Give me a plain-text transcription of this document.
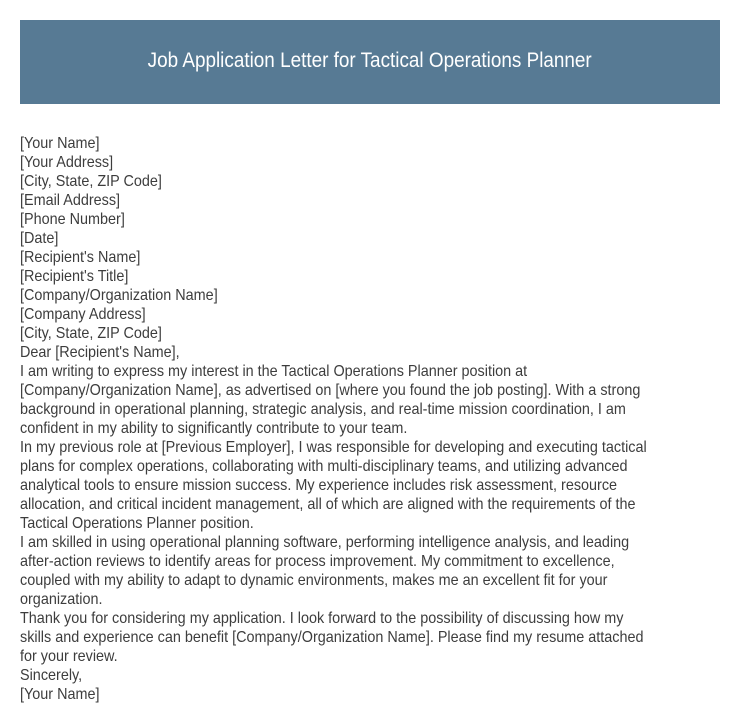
Job Application Letter for Tactical Operations Planner
[Your Name]
[Your Address]
[City, State, ZIP Code]
[Email Address]
[Phone Number]
[Date]
[Recipient's Name]
[Recipient's Title]
[Company/Organization Name]
[Company Address]
[City, State, ZIP Code]
Dear [Recipient's Name],
I am writing to express my interest in the Tactical Operations Planner position at
[Company/Organization Name], as advertised on [where you found the job posting]. With a strong
background in operational planning, strategic analysis, and real-time mission coordination, I am
confident in my ability to significantly contribute to your team.
In my previous role at [Previous Employer], I was responsible for developing and executing tactical
plans for complex operations, collaborating with multi-disciplinary teams, and utilizing advanced
analytical tools to ensure mission success. My experience includes risk assessment, resource
allocation, and critical incident management, all of which are aligned with the requirements of the
Tactical Operations Planner position.
I am skilled in using operational planning software, performing intelligence analysis, and leading
after-action reviews to identify areas for process improvement. My commitment to excellence,
coupled with my ability to adapt to dynamic environments, makes me an excellent fit for your
organization.
Thank you for considering my application. I look forward to the possibility of discussing how my
skills and experience can benefit [Company/Organization Name]. Please find my resume attached
for your review.
Sincerely,
[Your Name]
